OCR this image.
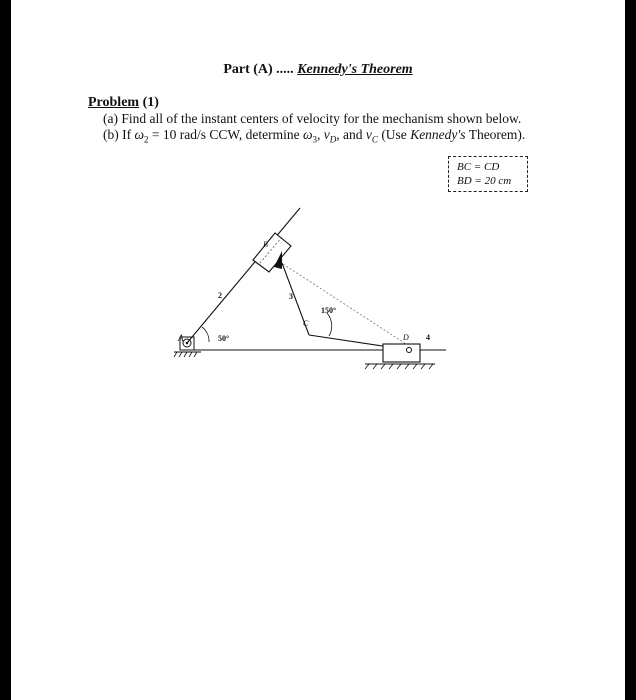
Part (A) ..... Kennedy's Theorem
Problem (1)
(a) Find all of the instant centers of velocity for the mechanism shown below.
(b) If $\omega_2 = 10$ rad/s CCW, determine $\omega_3$, $v_D$, and $v_C$ (Use Kennedy's Theorem).
BC = CD
BD = 20 cm
A
B
C
D
2	3
4
50°
150°
